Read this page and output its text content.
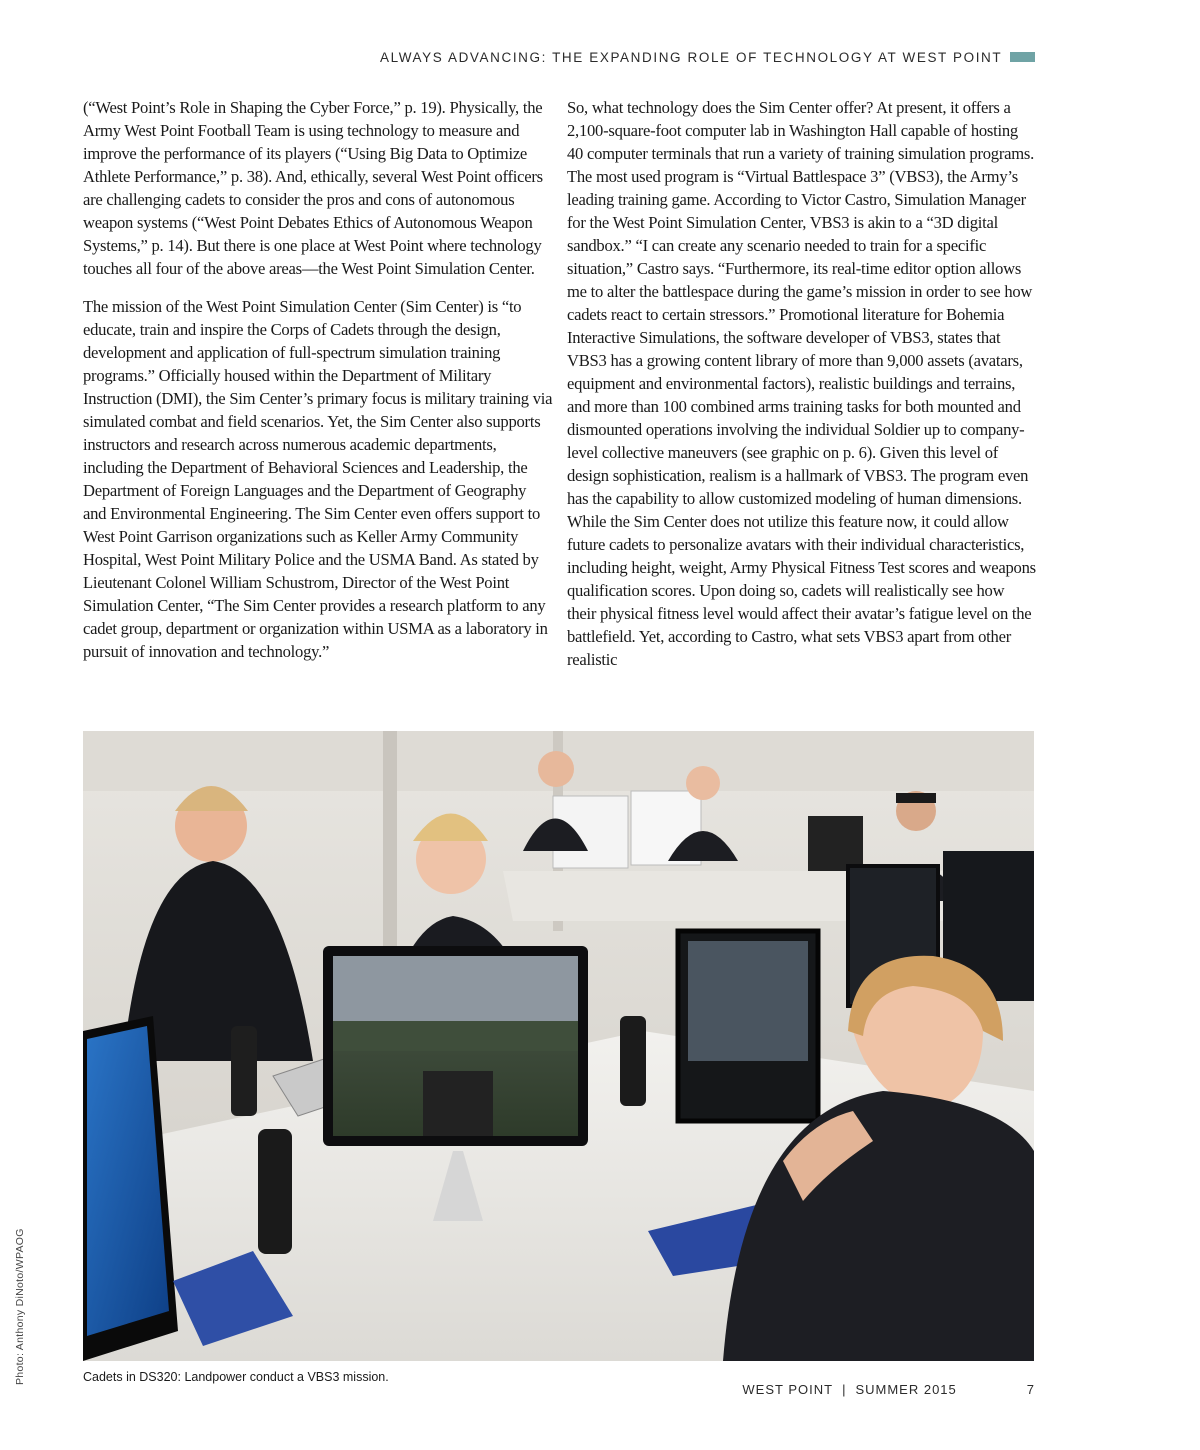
ALWAYS ADVANCING: THE EXPANDING ROLE OF TECHNOLOGY AT WEST POINT

(“West Point’s Role in Shaping the Cyber Force,” p. 19). Physically, the Army West Point Football Team is using technology to measure and improve the performance of its players (“Using Big Data to Optimize Athlete Performance,” p. 38). And, ethically, several West Point officers are challenging cadets to consider the pros and cons of autonomous weapon systems (“West Point Debates Ethics of Autonomous Weapon Systems,” p. 14). But there is one place at West Point where technology touches all four of the above areas—the West Point Simulation Center.

The mission of the West Point Simulation Center (Sim Center) is “to educate, train and inspire the Corps of Cadets through the design, development and application of full-spectrum simulation training programs.” Officially housed within the Department of Military Instruction (DMI), the Sim Center’s primary focus is military training via simulated combat and field scenarios. Yet, the Sim Center also supports instructors and research across numerous academic departments, including the Department of Behavioral Sciences and Leadership, the Department of Foreign Languages and the Department of Geography and Environmental Engineering. The Sim Center even offers support to West Point Garrison organizations such as Keller Army Community Hospital, West Point Military Police and the USMA Band. As stated by Lieutenant Colonel William Schustrom, Director of the West Point Simulation Center, “The Sim Center provides a research platform to any cadet group, department or organization within USMA as a laboratory in pursuit of innovation and technology.”

So, what technology does the Sim Center offer? At present, it offers a 2,100-square-foot computer lab in Washington Hall capable of hosting 40 computer terminals that run a variety of training simulation programs. The most used program is “Virtual Battlespace 3” (VBS3), the Army’s leading training game. According to Victor Castro, Simulation Manager for the West Point Simulation Center, VBS3 is akin to a “3D digital sandbox.” “I can create any scenario needed to train for a specific situation,” Castro says. “Furthermore, its real-time editor option allows me to alter the battlespace during the game’s mission in order to see how cadets react to certain stressors.” Promotional literature for Bohemia Interactive Simulations, the software developer of VBS3, states that VBS3 has a growing content library of more than 9,000 assets (avatars, equipment and environmental factors), realistic buildings and terrains, and more than 100 combined arms training tasks for both mounted and dismounted operations involving the individual Soldier up to company-level collective maneuvers (see graphic on p. 6). Given this level of design sophistication, realism is a hallmark of VBS3. The program even has the capability to allow customized modeling of human dimensions. While the Sim Center does not utilize this feature now, it could allow future cadets to personalize avatars with their individual characteristics, including height, weight, Army Physical Fitness Test scores and weapons qualification scores. Upon doing so, cadets will realistically see how their physical fitness level would affect their avatar’s fatigue level on the battlefield. Yet, according to Castro, what sets VBS3 apart from other realistic

Photo: Anthony DiNoto/WPAOG	Cadets in DS320: Landpower conduct a VBS3 mission.
WEST POINT | SUMMER 2015	7
